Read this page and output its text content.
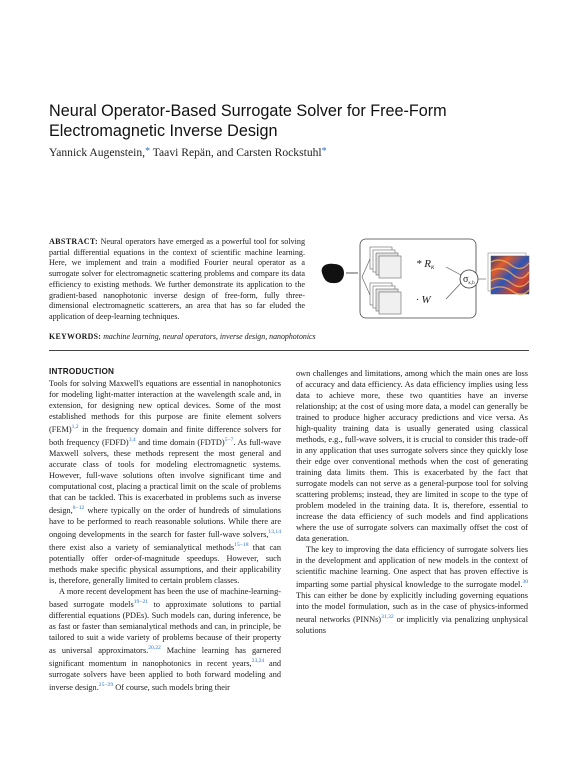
Neural Operator-Based Surrogate Solver for Free-Form Electromagnetic Inverse Design
Yannick Augenstein,* Taavi Repän, and Carsten Rockstuhl*
ABSTRACT: Neural operators have emerged as a powerful tool for solving partial differential equations in the context of scientific machine learning. Here, we implement and train a modified Fourier neural operator as a surrogate solver for electromagnetic scattering problems and compare its data efficiency to existing methods. We further demonstrate its application to the gradient-based nanophotonic inverse design of free-form, fully three-dimensional electromagnetic scatterers, an area that has so far eluded the application of deep-learning techniques.
KEYWORDS: machine learning, neural operators, inverse design, nanophotonics
* Rκ
· W
$\sigma_{\kappa,b}$
INTRODUCTION

Tools for solving Maxwell's equations are essential in nanophotonics for modeling light-matter interaction at the wavelength scale and, in extension, for designing new optical devices. Some of the most established methods for this purpose are finite element solvers (FEM)$^{1,2}$ in the frequency domain and finite difference solvers for both frequency (FDFD)$^{3,4}$ and time domain (FDTD)$^{5-7}$. As full-wave Maxwell solvers, these methods represent the most general and accurate class of tools for modeling electromagnetic systems. However, full-wave solutions often involve significant time and computational cost, placing a practical limit on the scale of problems that can be tackled. This is exacerbated in problems such as inverse design,$^{8-12}$ where typically on the order of hundreds of simulations have to be performed to reach reasonable solutions. While there are ongoing developments in the search for faster full-wave solvers,$^{13,14}$ there exist also a variety of semianalytical methods$^{15-18}$ that can potentially offer order-of-magnitude speedups. However, such methods make specific physical assumptions, and their applicability is, therefore, generally limited to certain problem classes.

A more recent development has been the use of machine-learning-based surrogate models$^{19-21}$ to approximate solutions to partial differential equations (PDEs). Such models can, during inference, be as fast or faster than semianalytical methods and can, in principle, be tailored to suit a wide variety of problems because of their property as universal approximators.$^{20,22}$ Machine learning has garnered significant momentum in nanophotonics in recent years,$^{23,24}$ and surrogate solvers have been applied to both forward modeling and inverse design.$^{25-29}$ Of course, such models bring their

own challenges and limitations, among which the main ones are loss of accuracy and data efficiency. As data efficiency implies using less data to achieve more, these two quantities have an inverse relationship; at the cost of using more data, a model can generally be trained to produce higher accuracy predictions and vice versa. As high-quality training data is usually generated using classical methods, e.g., full-wave solvers, it is crucial to consider this trade-off in any application that uses surrogate solvers since they quickly lose their edge over conventional methods when the cost of generating training data limits them. This is exacerbated by the fact that surrogate models can not serve as a general-purpose tool for solving scattering problems; instead, they are limited in scope to the type of problem modeled in the training data. It is, therefore, essential to increase the data efficiency of such models and find applications where the use of surrogate solvers can maximally offset the cost of data generation.

The key to improving the data efficiency of surrogate solvers lies in the development and application of new models in the context of scientific machine learning. One aspect that has proven effective is imparting some partial physical knowledge to the surrogate model.$^{30}$ This can either be done by explicitly including governing equations into the model formulation, such as in the case of physics-informed neural networks (PINNs)$^{31,32}$ or implicitly via penalizing unphysical solutions
